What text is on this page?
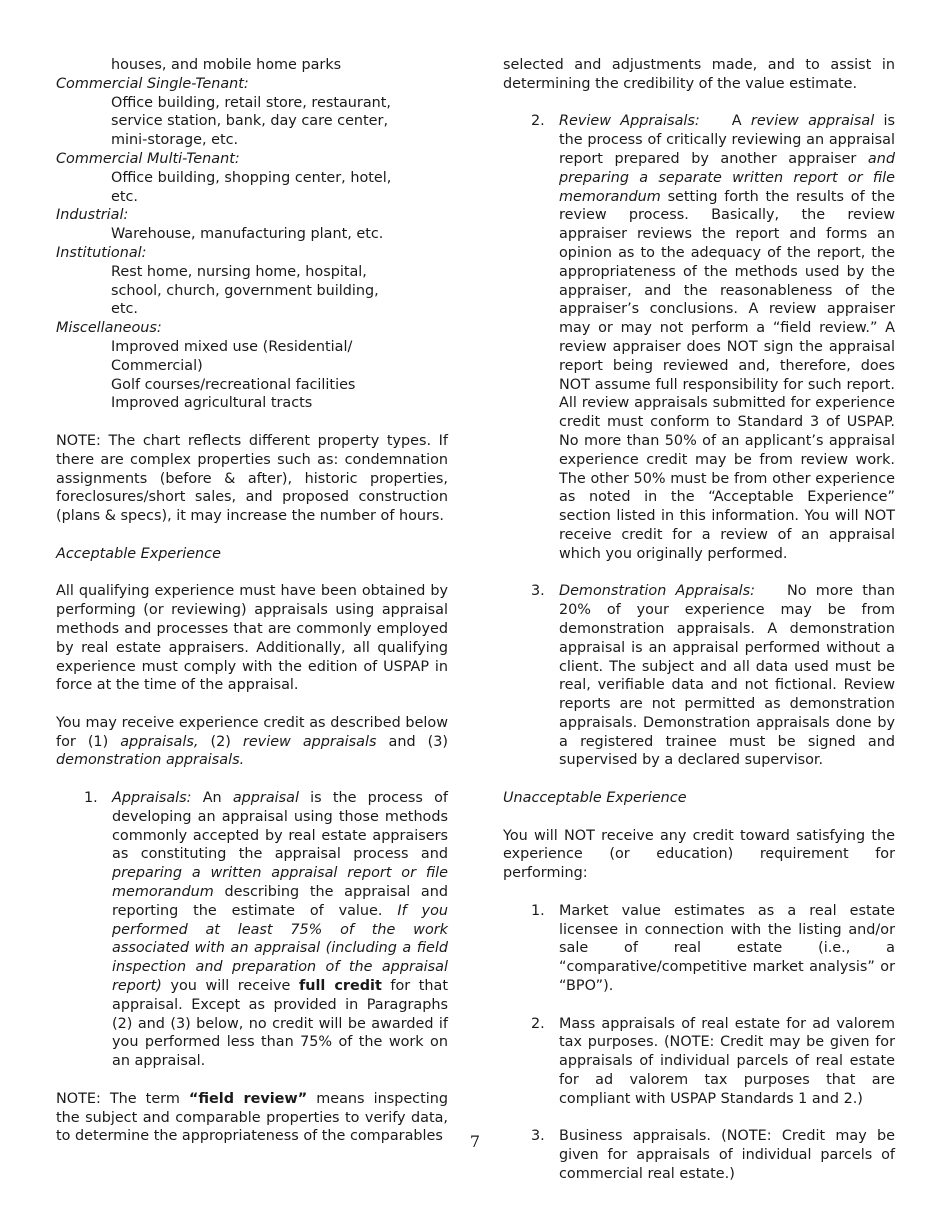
houses, and mobile home parks

Commercial Single-Tenant:

Office building, retail store, restaurant,

service station, bank, day care center,

mini-storage, etc.

Commercial Multi-Tenant:

Office building, shopping center, hotel,

etc.

Industrial:

Warehouse, manufacturing plant, etc.

Institutional:

Rest home, nursing home, hospital,

school, church, government building,

etc.

Miscellaneous:

Improved mixed use (Residential/

Commercial)

Golf courses/recreational facilities

Improved agricultural tracts

NOTE: The chart reflects different property types. If there are complex properties such as: condemnation assignments (before & after), historic properties, foreclosures/short sales, and proposed construction (plans & specs), it may increase the number of hours.

Acceptable Experience

All qualifying experience must have been obtained by performing (or reviewing) appraisals using appraisal methods and processes that are commonly employed by real estate appraisers. Additionally, all qualifying experience must comply with the edition of USPAP in force at the time of the appraisal.

You may receive experience credit as described below for (1) appraisals, (2) review appraisals and (3) demonstration appraisals.

1. Appraisals: An appraisal is the process of developing an appraisal using those methods commonly accepted by real estate appraisers as constituting the appraisal process and preparing a written appraisal report or file memorandum describing the appraisal and reporting the estimate of value. If you performed at least 75% of the work associated with an appraisal (including a field inspection and preparation of the appraisal report) you will receive full credit for that appraisal. Except as provided in Paragraphs (2) and (3) below, no credit will be awarded if you performed less than 75% of the work on an appraisal.

NOTE: The term “field review” means inspecting the subject and comparable properties to verify data, to determine the appropriateness of the comparables

selected and adjustments made, and to assist in determining the credibility of the value estimate.

2. Review Appraisals: A review appraisal is the process of critically reviewing an appraisal report prepared by another appraiser and preparing a separate written report or file memorandum setting forth the results of the review process. Basically, the review appraiser reviews the report and forms an opinion as to the adequacy of the report, the appropriateness of the methods used by the appraiser, and the reasonableness of the appraiser’s conclusions. A review appraiser may or may not perform a “field review.” A review appraiser does NOT sign the appraisal report being reviewed and, therefore, does NOT assume full responsibility for such report. All review appraisals submitted for experience credit must conform to Standard 3 of USPAP. No more than 50% of an applicant’s appraisal experience credit may be from review work. The other 50% must be from other experience as noted in the “Acceptable Experience” section listed in this information. You will NOT receive credit for a review of an appraisal which you originally performed.
3. Demonstration Appraisals: No more than 20% of your experience may be from demonstration appraisals. A demonstration appraisal is an appraisal performed without a client. The subject and all data used must be real, verifiable data and not fictional. Review reports are not permitted as demonstration appraisals. Demonstration appraisals done by a registered trainee must be signed and supervised by a declared supervisor.

Unacceptable Experience

You will NOT receive any credit toward satisfying the experience (or education) requirement for performing:

1. Market value estimates as a real estate licensee in connection with the listing and/or sale of real estate (i.e., a “comparative/competitive market analysis” or “BPO”).
2. Mass appraisals of real estate for ad valorem tax purposes. (NOTE: Credit may be given for appraisals of individual parcels of real estate for ad valorem tax purposes that are compliant with USPAP Standards 1 and 2.)
3. Business appraisals. (NOTE: Credit may be given for appraisals of individual parcels of commercial real estate.)
7
